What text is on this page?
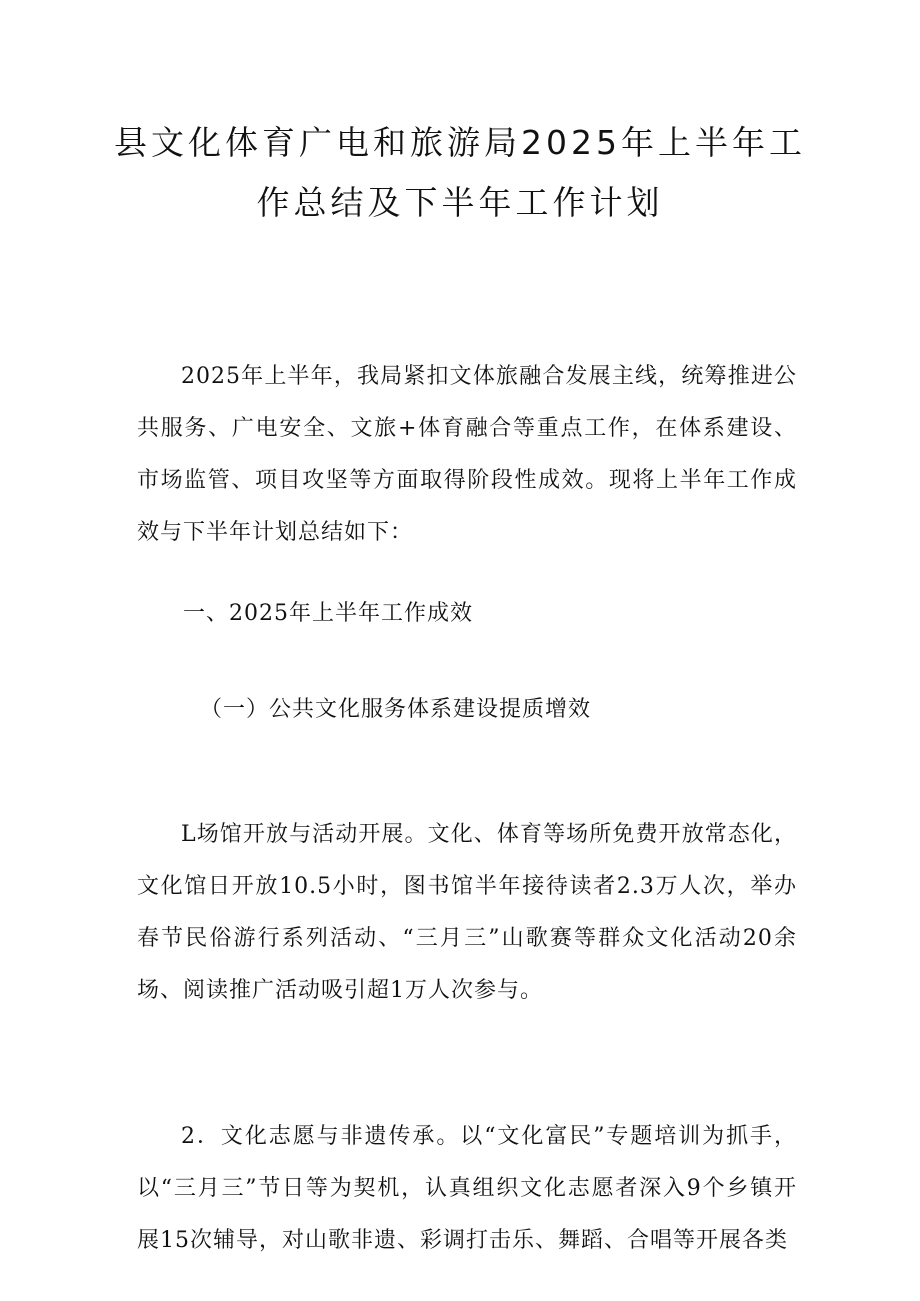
县文化体育广电和旅游局2025年上半年工
作总结及下半年工作计划

2025年上半年，我局紧扣文体旅融合发展主线，统筹推进公共服务、广电安全、文旅+体育融合等重点工作，在体系建设、市场监管、项目攻坚等方面取得阶段性成效。现将上半年工作成效与下半年计划总结如下：

一、2025年上半年工作成效
（一）公共文化服务体系建设提质增效

L场馆开放与活动开展。文化、体育等场所免费开放常态化，文化馆日开放10.5小时，图书馆半年接待读者2.3万人次，举办春节民俗游行系列活动、“三月三”山歌赛等群众文化活动20余场、阅读推广活动吸引超1万人次参与。

2．文化志愿与非遗传承。以“文化富民”专题培训为抓手，以“三月三”节日等为契机，认真组织文化志愿者深入9个乡镇开展15次辅导，对山歌非遗、彩调打击乐、舞蹈、合唱等开展各类
